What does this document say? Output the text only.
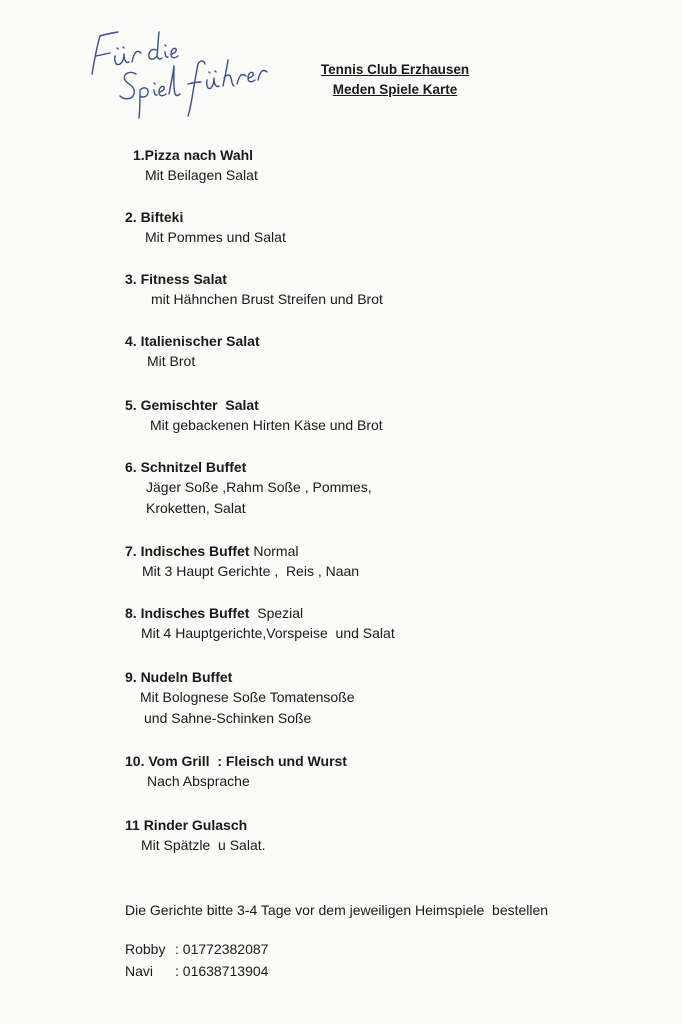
Tennis Club Erzhausen
Meden Spiele Karte
1.Pizza nach Wahl
Mit Beilagen Salat
2. Bifteki
Mit Pommes und Salat
3. Fitness Salat
mit Hähnchen Brust Streifen und Brot
4. Italienischer Salat
Mit Brot
5. Gemischter  Salat
Mit gebackenen Hirten Käse und Brot
6. Schnitzel Buffet
Jäger Soße ,Rahm Soße , Pommes,
Kroketten, Salat
7. Indisches Buffet Normal
Mit 3 Haupt Gerichte ,  Reis , Naan
8. Indisches Buffet  Spezial
Mit 4 Hauptgerichte,Vorspeise  und Salat
9. Nudeln Buffet
Mit Bolognese Soße Tomatensoße
und Sahne-Schinken Soße
10. Vom Grill  : Fleisch und Wurst
Nach Absprache
11 Rinder Gulasch
Mit Spätzle  u Salat.
Die Gerichte bitte 3-4 Tage vor dem jeweiligen Heimspiele  bestellen
Robby : 01772382087
Navi : 01638713904
